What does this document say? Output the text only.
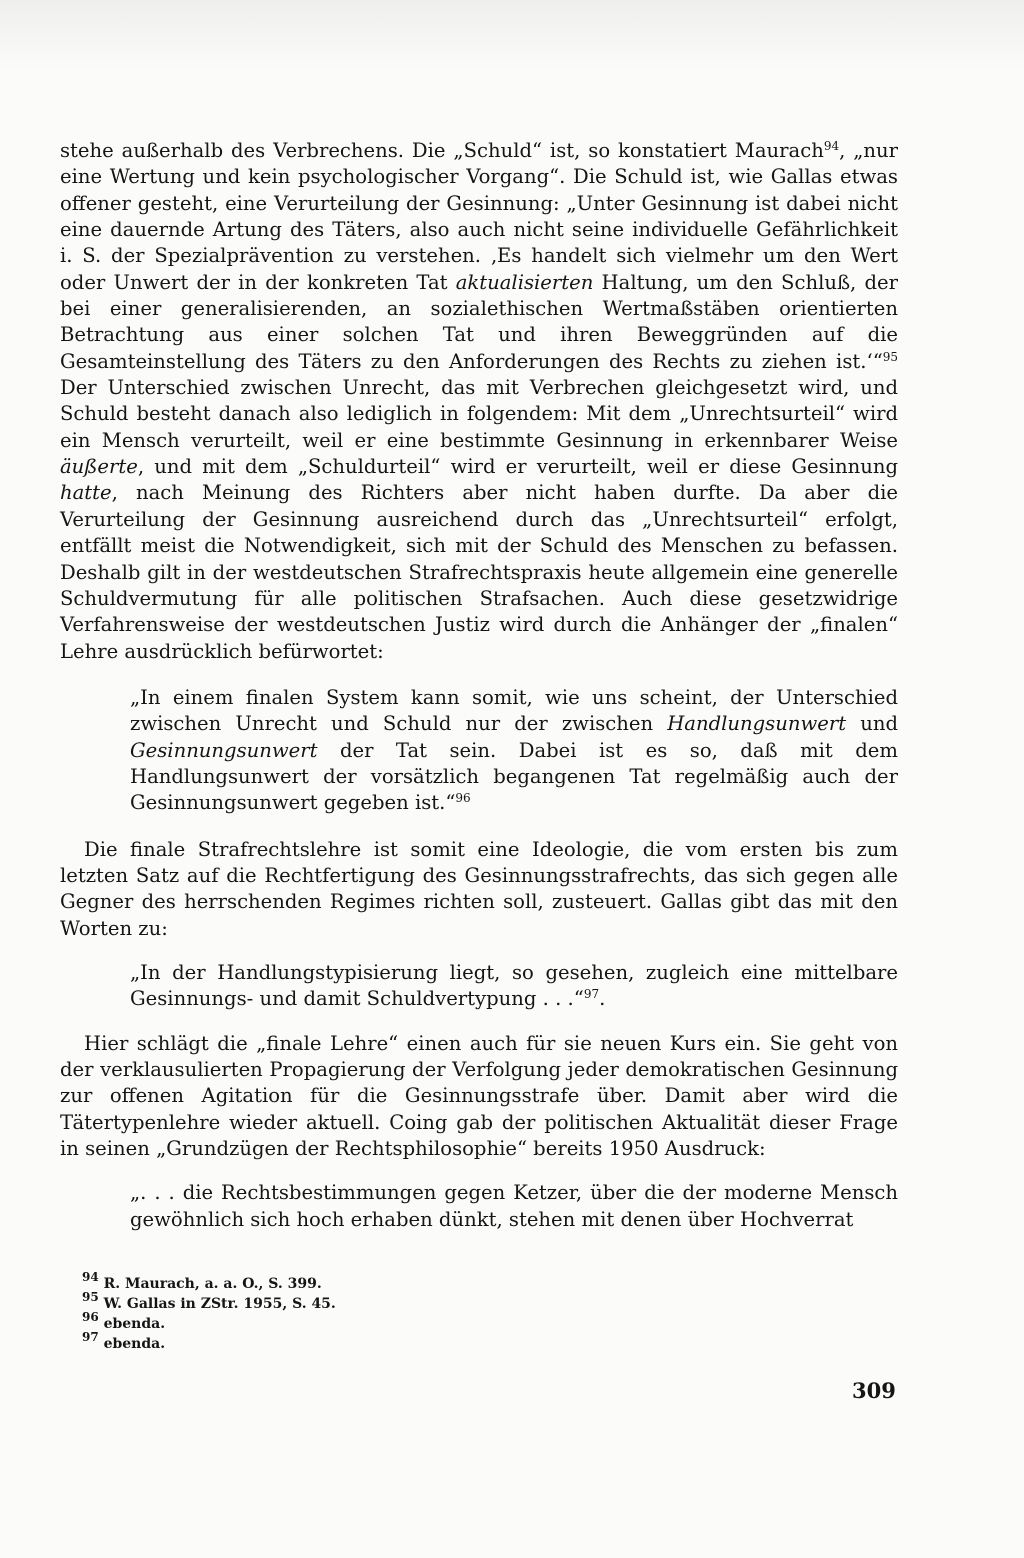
stehe außerhalb des Verbrechens. Die „Schuld“ ist, so konstatiert Maurach$^{94}$, „nur eine Wertung und kein psychologischer Vorgang“. Die Schuld ist, wie Gallas etwas offener gesteht, eine Verurteilung der Gesinnung: „Unter Gesinnung ist dabei nicht eine dauernde Artung des Täters, also auch nicht seine individuelle Gefährlichkeit i. S. der Spezialprävention zu verstehen. ‚Es handelt sich vielmehr um den Wert oder Unwert der in der konkreten Tat aktualisierten Haltung, um den Schluß, der bei einer generalisierenden, an sozialethischen Wertmaßstäben orientierten Betrachtung aus einer solchen Tat und ihren Beweggründen auf die Gesamteinstellung des Täters zu den Anforderungen des Rechts zu ziehen ist.‘“$^{95}$ Der Unterschied zwischen Unrecht, das mit Verbrechen gleichgesetzt wird, und Schuld besteht danach also lediglich in folgendem: Mit dem „Unrechtsurteil“ wird ein Mensch verurteilt, weil er eine bestimmte Gesinnung in erkennbarer Weise äußerte, und mit dem „Schuldurteil“ wird er verurteilt, weil er diese Gesinnung hatte, nach Meinung des Richters aber nicht haben durfte. Da aber die Verurteilung der Gesinnung ausreichend durch das „Unrechtsurteil“ erfolgt, entfällt meist die Notwendigkeit, sich mit der Schuld des Menschen zu befassen. Deshalb gilt in der westdeutschen Strafrechtspraxis heute allgemein eine generelle Schuldvermutung für alle politischen Strafsachen. Auch diese gesetzwidrige Verfahrensweise der westdeutschen Justiz wird durch die Anhänger der „finalen“ Lehre ausdrücklich befürwortet:

„In einem finalen System kann somit, wie uns scheint, der Unterschied zwischen Unrecht und Schuld nur der zwischen Handlungsunwert und Gesinnungsunwert der Tat sein. Dabei ist es so, daß mit dem Handlungsunwert der vorsätzlich begangenen Tat regelmäßig auch der Gesinnungsunwert gegeben ist.“$^{96}$

Die finale Strafrechtslehre ist somit eine Ideologie, die vom ersten bis zum letzten Satz auf die Rechtfertigung des Gesinnungsstrafrechts, das sich gegen alle Gegner des herrschenden Regimes richten soll, zusteuert. Gallas gibt das mit den Worten zu:

„In der Handlungstypisierung liegt, so gesehen, zugleich eine mittelbare Gesinnungs- und damit Schuldvertypung . . .“$^{97}$.

Hier schlägt die „finale Lehre“ einen auch für sie neuen Kurs ein. Sie geht von der verklausulierten Propagierung der Verfolgung jeder demokratischen Gesinnung zur offenen Agitation für die Gesinnungsstrafe über. Damit aber wird die Tätertypenlehre wieder aktuell. Coing gab der politischen Aktualität dieser Frage in seinen „Grundzügen der Rechtsphilosophie“ bereits 1950 Ausdruck:

„. . . die Rechtsbestimmungen gegen Ketzer, über die der moderne Mensch gewöhnlich sich hoch erhaben dünkt, stehen mit denen über Hochverrat

$^{94}$ R. Maurach, a. a. O., S. 399.
$^{95}$ W. Gallas in ZStr. 1955, S. 45.
$^{96}$ ebenda.
$^{97}$ ebenda.
309
